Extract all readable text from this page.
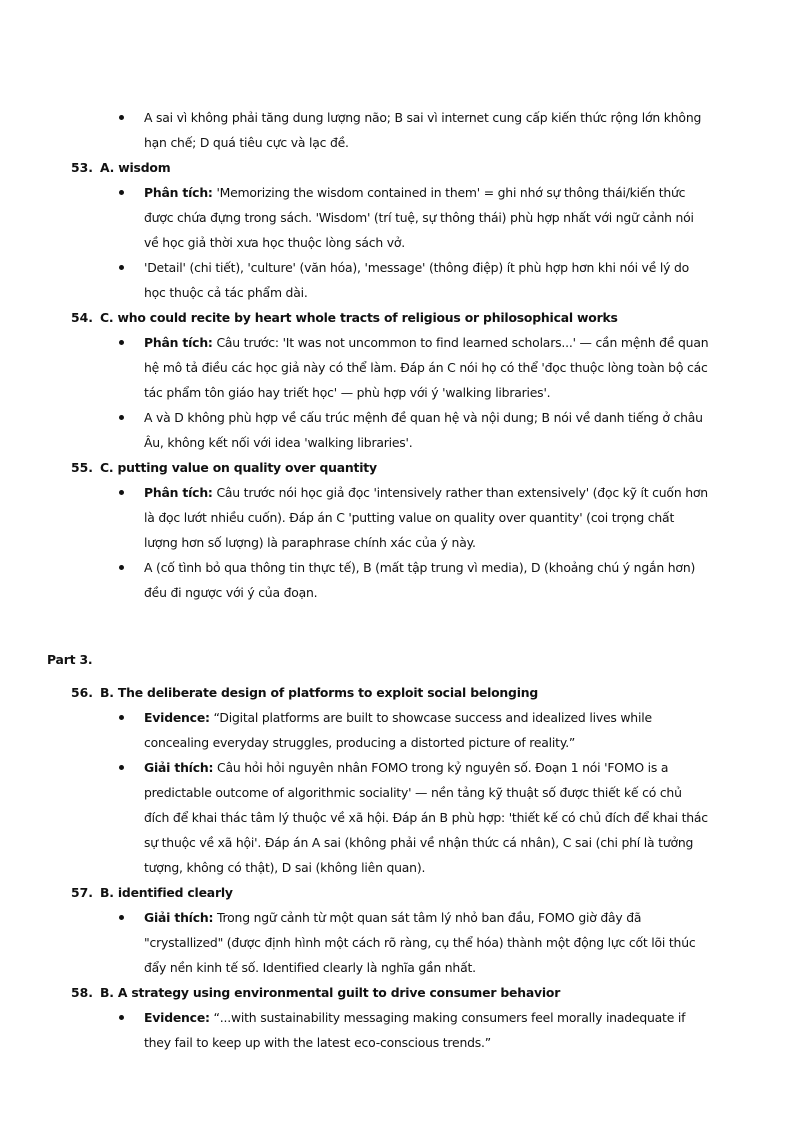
A sai vì không phải tăng dung lượng não; B sai vì internet cung cấp kiến thức rộng lớn không
hạn chế; D quá tiêu cực và lạc đề.
53. A. wisdom
Phân tích: 'Memorizing the wisdom contained in them' = ghi nhớ sự thông thái/kiến thức
được chứa đựng trong sách. 'Wisdom' (trí tuệ, sự thông thái) phù hợp nhất với ngữ cảnh nói
về học giả thời xưa học thuộc lòng sách vở.
'Detail' (chi tiết), 'culture' (văn hóa), 'message' (thông điệp) ít phù hợp hơn khi nói về lý do
học thuộc cả tác phẩm dài.
54. C. who could recite by heart whole tracts of religious or philosophical works
Phân tích: Câu trước: 'It was not uncommon to find learned scholars...' — cần mệnh đề quan
hệ mô tả điều các học giả này có thể làm. Đáp án C nói họ có thể 'đọc thuộc lòng toàn bộ các
tác phẩm tôn giáo hay triết học' — phù hợp với ý 'walking libraries'.
A và D không phù hợp về cấu trúc mệnh đề quan hệ và nội dung; B nói về danh tiếng ở châu
Âu, không kết nối với idea 'walking libraries'.
55. C. putting value on quality over quantity
Phân tích: Câu trước nói học giả đọc 'intensively rather than extensively' (đọc kỹ ít cuốn hơn
là đọc lướt nhiều cuốn). Đáp án C 'putting value on quality over quantity' (coi trọng chất
lượng hơn số lượng) là paraphrase chính xác của ý này.
A (cố tình bỏ qua thông tin thực tế), B (mất tập trung vì media), D (khoảng chú ý ngắn hơn)
đều đi ngược với ý của đoạn.
Part 3.
56. B. The deliberate design of platforms to exploit social belonging
Evidence: “Digital platforms are built to showcase success and idealized lives while
concealing everyday struggles, producing a distorted picture of reality.”
Giải thích: Câu hỏi hỏi nguyên nhân FOMO trong kỷ nguyên số. Đoạn 1 nói 'FOMO is a
predictable outcome of algorithmic sociality' — nền tảng kỹ thuật số được thiết kế có chủ
đích để khai thác tâm lý thuộc về xã hội. Đáp án B phù hợp: 'thiết kế có chủ đích để khai thác
sự thuộc về xã hội'. Đáp án A sai (không phải về nhận thức cá nhân), C sai (chi phí là tưởng
tượng, không có thật), D sai (không liên quan).
57. B. identified clearly
Giải thích: Trong ngữ cảnh từ một quan sát tâm lý nhỏ ban đầu, FOMO giờ đây đã
"crystallized" (được định hình một cách rõ ràng, cụ thể hóa) thành một động lực cốt lõi thúc
đẩy nền kinh tế số. Identified clearly là nghĩa gần nhất.
58. B. A strategy using environmental guilt to drive consumer behavior
Evidence: “...with sustainability messaging making consumers feel morally inadequate if
they fail to keep up with the latest eco-conscious trends.”
